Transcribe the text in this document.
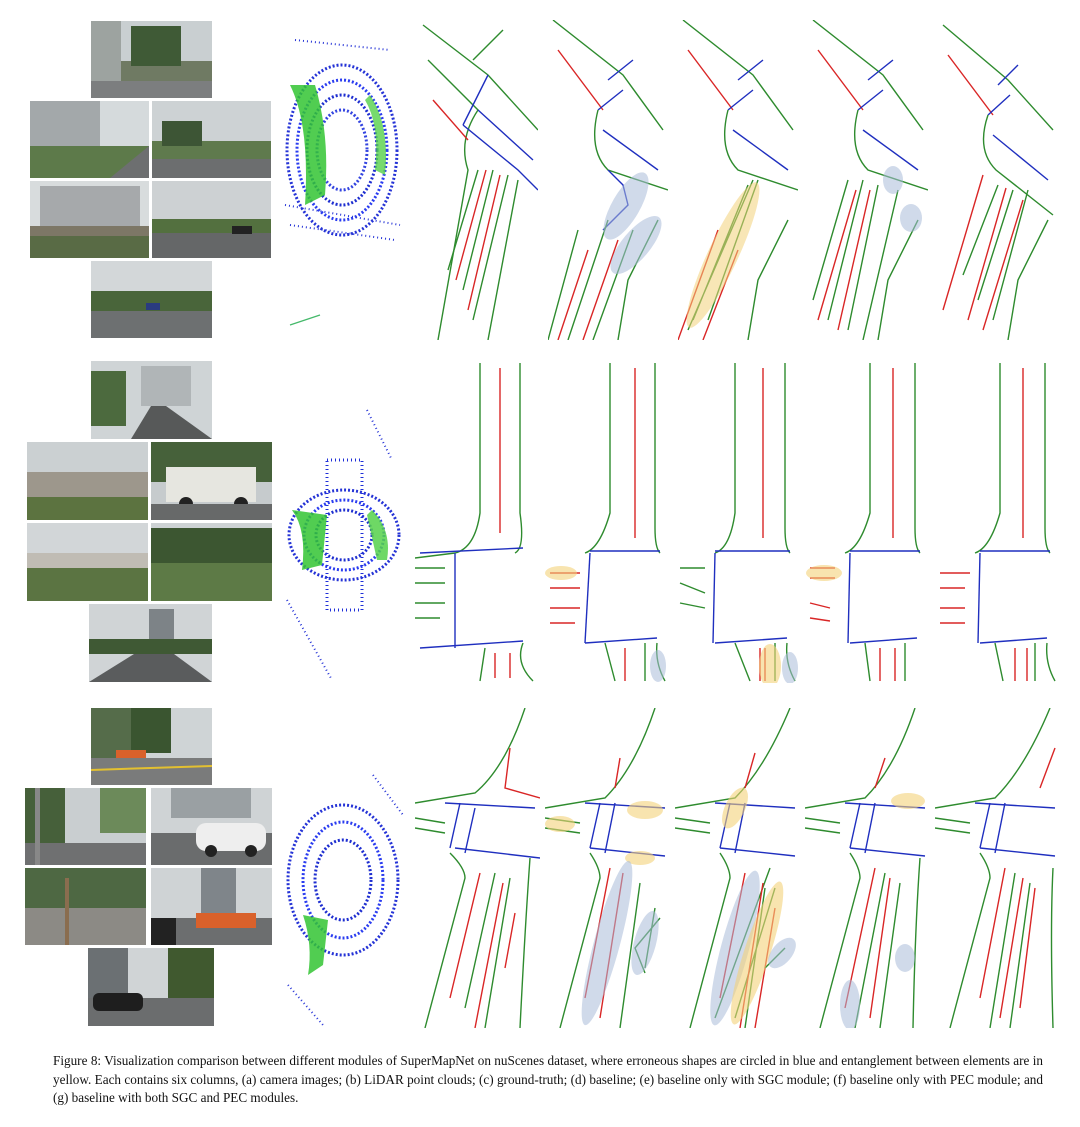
Figure 8: Visualization comparison between different modules of SuperMapNet on nuScenes dataset, where erroneous shapes are circled in blue and entanglement between elements are in yellow. Each contains six columns, (a) camera images; (b) LiDAR point clouds; (c) ground-truth; (d) baseline; (e) baseline only with SGC module; (f) baseline only with PEC module; and (g) baseline with both SGC and PEC modules.
